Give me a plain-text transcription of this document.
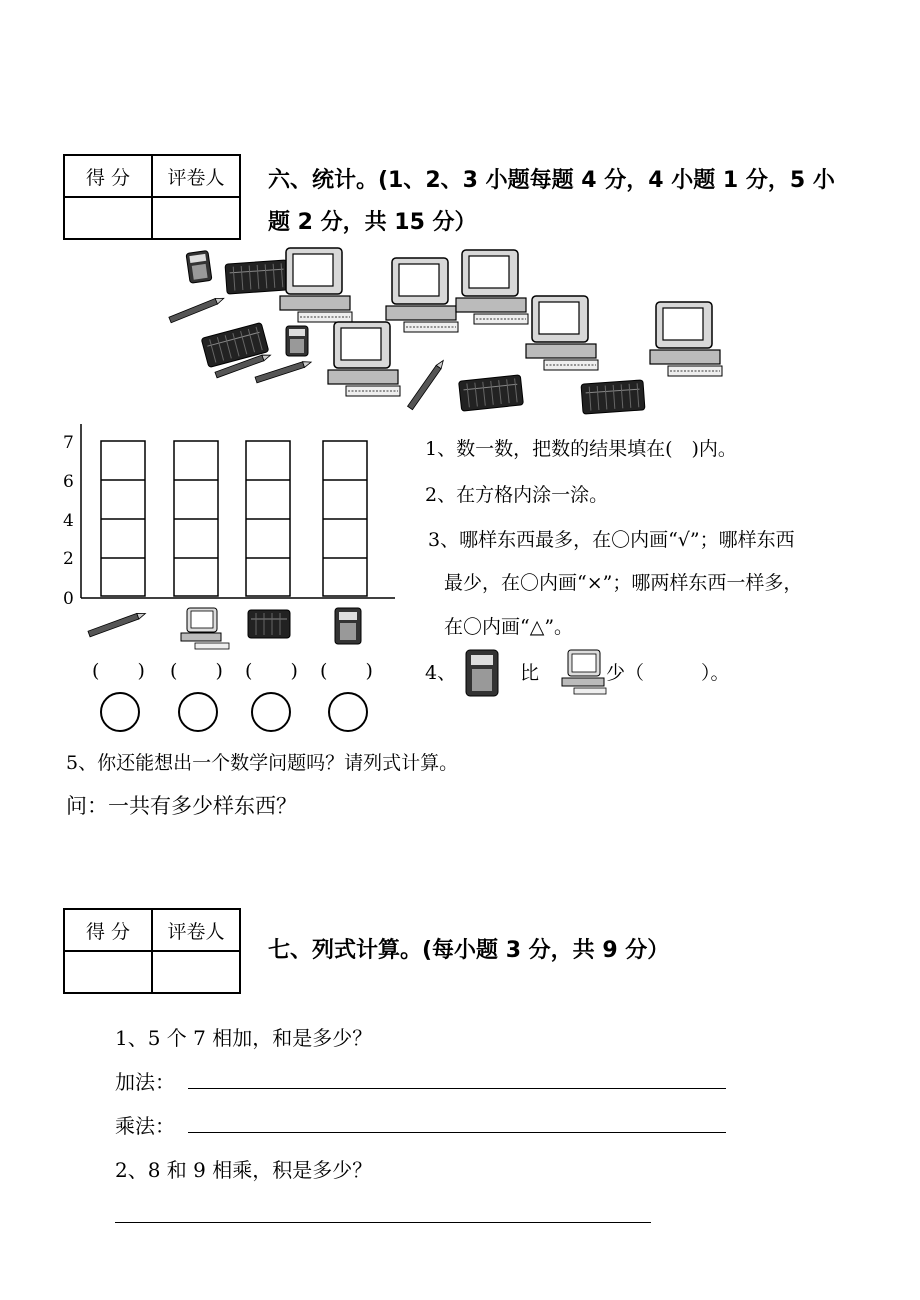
得 分	评卷人
	六、统计。(1、2、3 小题每题 4 分，4 小题 1 分，5 小
题 2 分，共 15 分）
7
6
4
2
0
(　　 ) (　　 ) (　　 ) (　　 )
1、数一数，把数的结果填在(　)内。
2、在方格内涂一涂。
3、哪样东西最多，在〇内画“√”；哪样东西
最少，在〇内画“×”；哪两样东西一样多，
在〇内画“△”。
4、	比	少（　　　）。
5、你还能想出一个数学问题吗？请列式计算。
问：一共有多少样东西？
得 分	评卷人

七、列式计算。(每小题 3 分，共 9 分）
1、5 个 7 相加，和是多少？
加法：
乘法：
2、8 和 9 相乘，积是多少？
